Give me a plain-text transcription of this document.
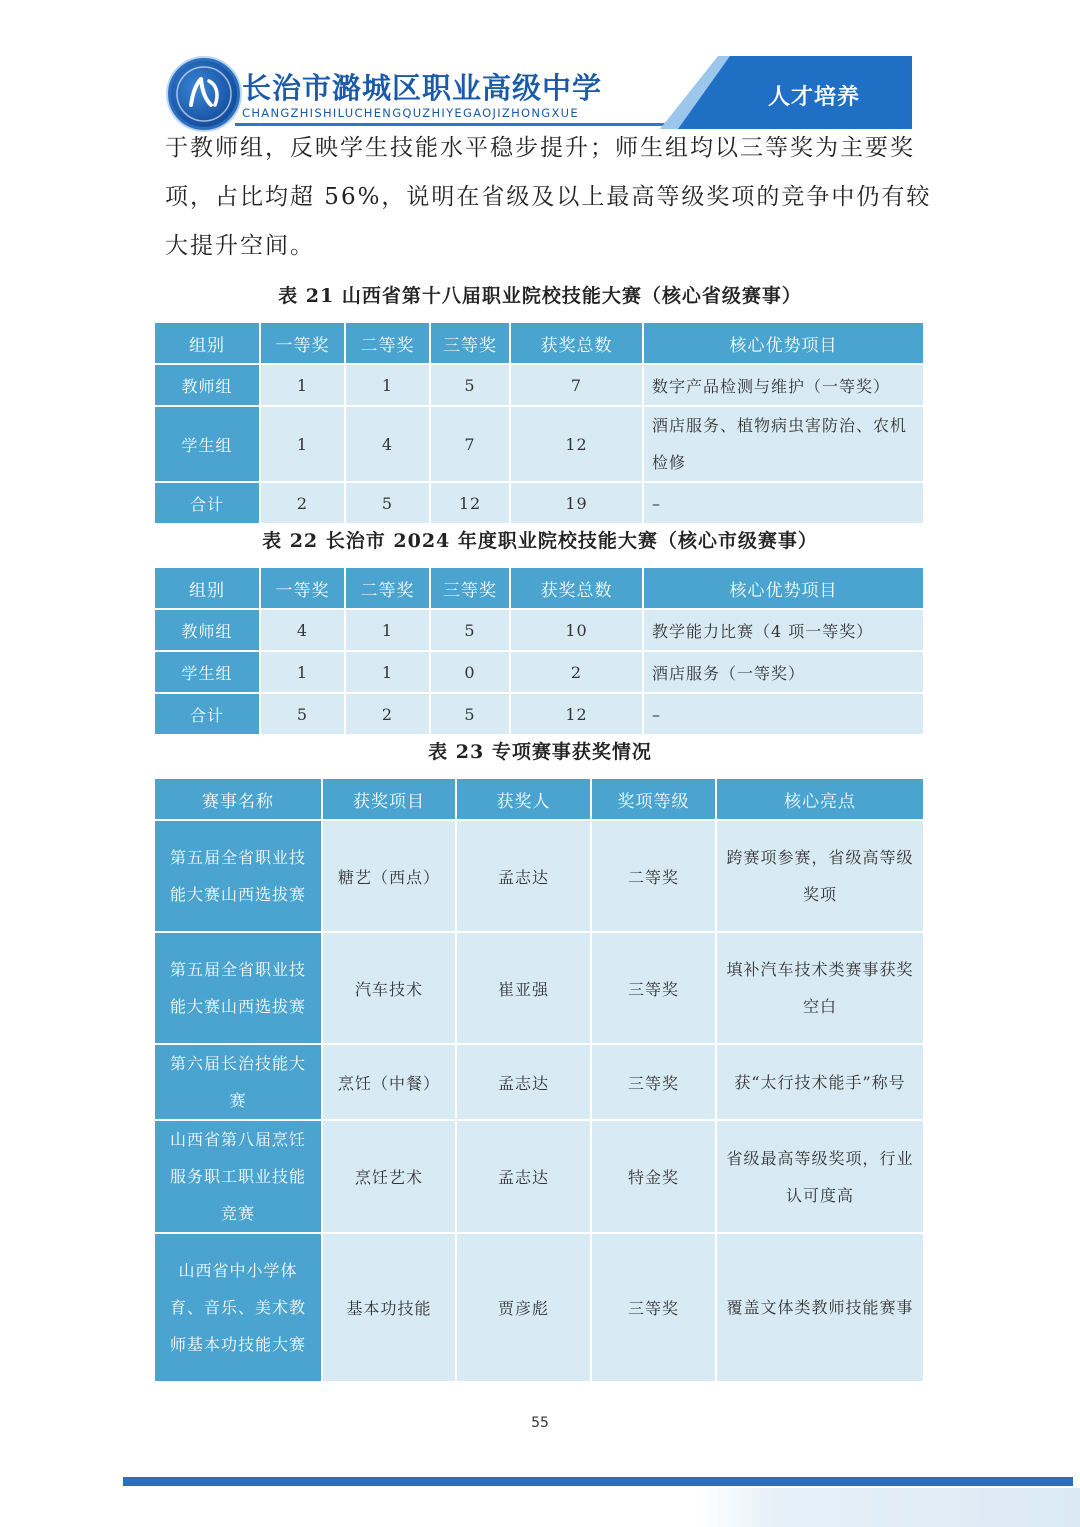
长治市潞城区职业高级中学
CHANGZHISHILUCHENGQUZHIYEGAOJIZHONGXUE
人才培养
于教师组，反映学生技能水平稳步提升；师生组均以三等奖为主要奖
项，占比均超 56%，说明在省级及以上最高等级奖项的竞争中仍有较
大提升空间。
表 21 山西省第十八届职业院校技能大赛（核心省级赛事）
组别	一等奖	二等奖	三等奖	获奖总数	核心优势项目
教师组	1	1	5	7	数字产品检测与维护（一等奖）
学生组	1	4	7	12	酒店服务、植物病虫害防治、农机检修
合计	2	5	12	19	–
表 22 长治市 2024 年度职业院校技能大赛（核心市级赛事）
组别	一等奖	二等奖	三等奖	获奖总数	核心优势项目
教师组	4	1	5	10	教学能力比赛（4 项一等奖）
学生组	1	1	0	2	酒店服务（一等奖）
合计	5	2	5	12	–
表 23 专项赛事获奖情况
赛事名称	获奖项目	获奖人	奖项等级	核心亮点
第五届全省职业技能大赛山西选拔赛	糖艺（西点）	孟志达	二等奖	跨赛项参赛，省级高等级奖项
第五届全省职业技能大赛山西选拔赛	汽车技术	崔亚强	三等奖	填补汽车技术类赛事获奖空白
第六届长治技能大赛	烹饪（中餐）	孟志达	三等奖	获“太行技术能手”称号
山西省第八届烹饪服务职工职业技能竞赛	烹饪艺术	孟志达	特金奖	省级最高等级奖项，行业认可度高
山西省中小学体育、音乐、美术教师基本功技能大赛	基本功技能	贾彦彪	三等奖	覆盖文体类教师技能赛事
55
